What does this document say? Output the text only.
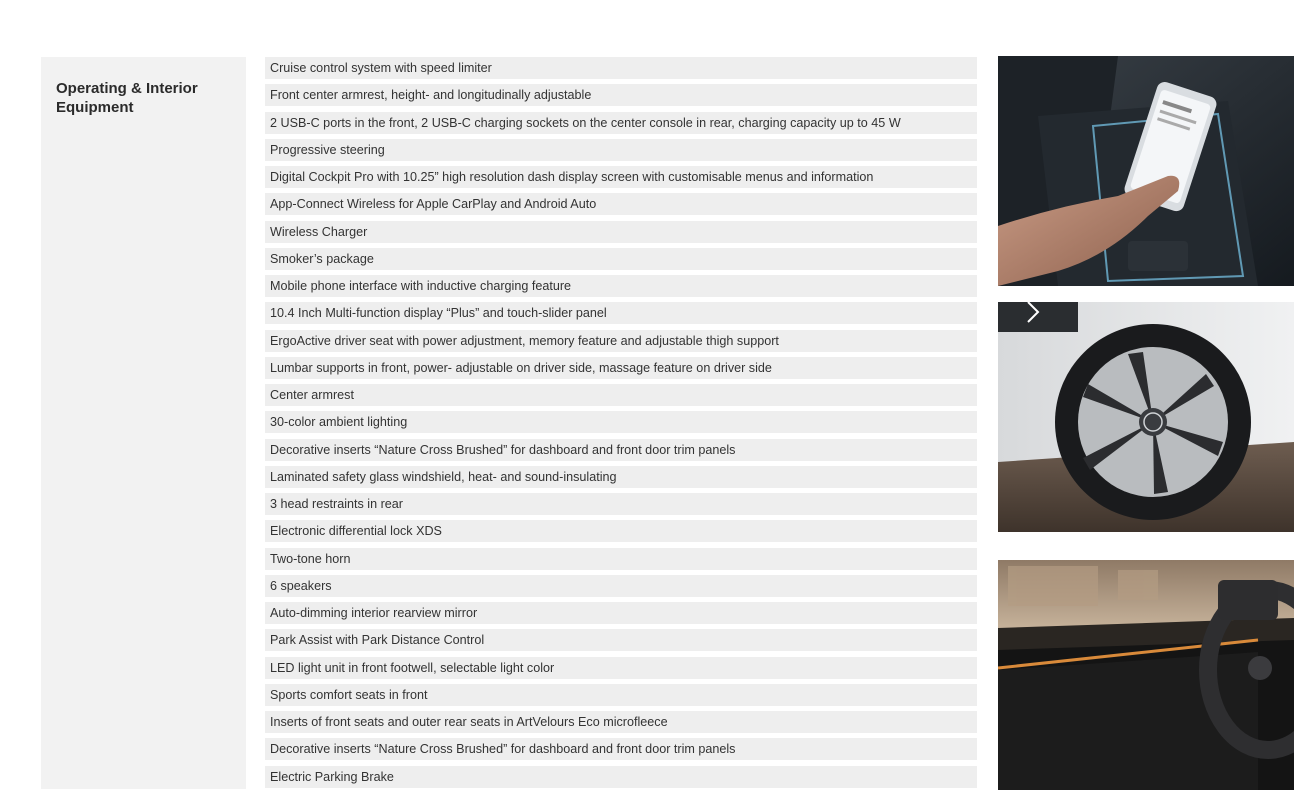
Operating & Interior Equipment
Cruise control system with speed limiter
Front center armrest, height- and longitudinally adjustable
2 USB-C ports in the front, 2 USB-C charging sockets on the center console in rear, charging capacity up to 45 W
Progressive steering
Digital Cockpit Pro with 10.25” high resolution dash display screen with customisable menus and information
App-Connect Wireless for Apple CarPlay and Android Auto
Wireless Charger
Smoker’s package
Mobile phone interface with inductive charging feature
10.4 Inch Multi-function display “Plus” and touch-slider panel
ErgoActive driver seat with power adjustment, memory feature and adjustable thigh support
Lumbar supports in front, power- adjustable on driver side, massage feature on driver side
Center armrest
30-color ambient lighting
Decorative inserts “Nature Cross Brushed” for dashboard and front door trim panels
Laminated safety glass windshield, heat- and sound-insulating
3 head restraints in rear
Electronic differential lock XDS
Two-tone horn
6 speakers
Auto-dimming interior rearview mirror
Park Assist with Park Distance Control
LED light unit in front footwell, selectable light color
Sports comfort seats in front
Inserts of front seats and outer rear seats in ArtVelours Eco microfleece
Decorative inserts “Nature Cross Brushed” for dashboard and front door trim panels
Electric Parking Brake
